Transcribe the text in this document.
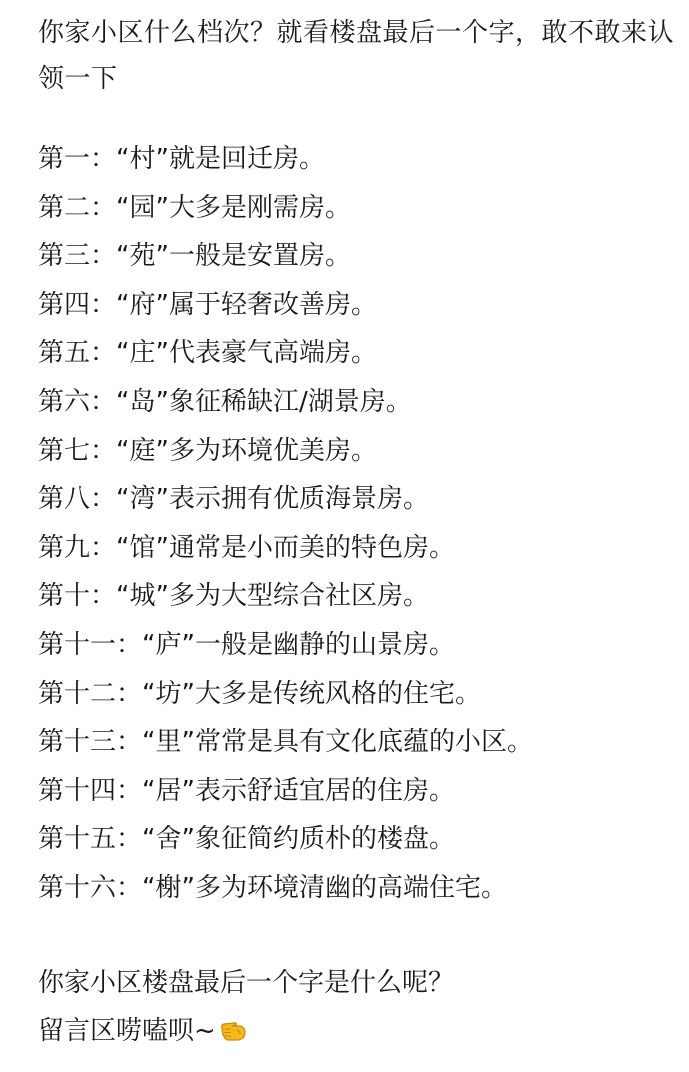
你家小区什么档次？就看楼盘最后一个字，敢不敢来认领一下

第一：“村”就是回迁房。
第二：“园”大多是刚需房。
第三：“苑”一般是安置房。
第四：“府”属于轻奢改善房。
第五：“庄”代表豪气高端房。
第六：“岛”象征稀缺江/湖景房。
第七：“庭”多为环境优美房。
第八：“湾”表示拥有优质海景房。
第九：“馆”通常是小而美的特色房。
第十：“城”多为大型综合社区房。
第十一：“庐”一般是幽静的山景房。
第十二：“坊”大多是传统风格的住宅。
第十三：“里”常常是具有文化底蕴的小区。
第十四：“居”表示舒适宜居的住房。
第十五：“舍”象征简约质朴的楼盘。
第十六：“榭”多为环境清幽的高端住宅。
你家小区楼盘最后一个字是什么呢？
留言区唠嗑呗~
